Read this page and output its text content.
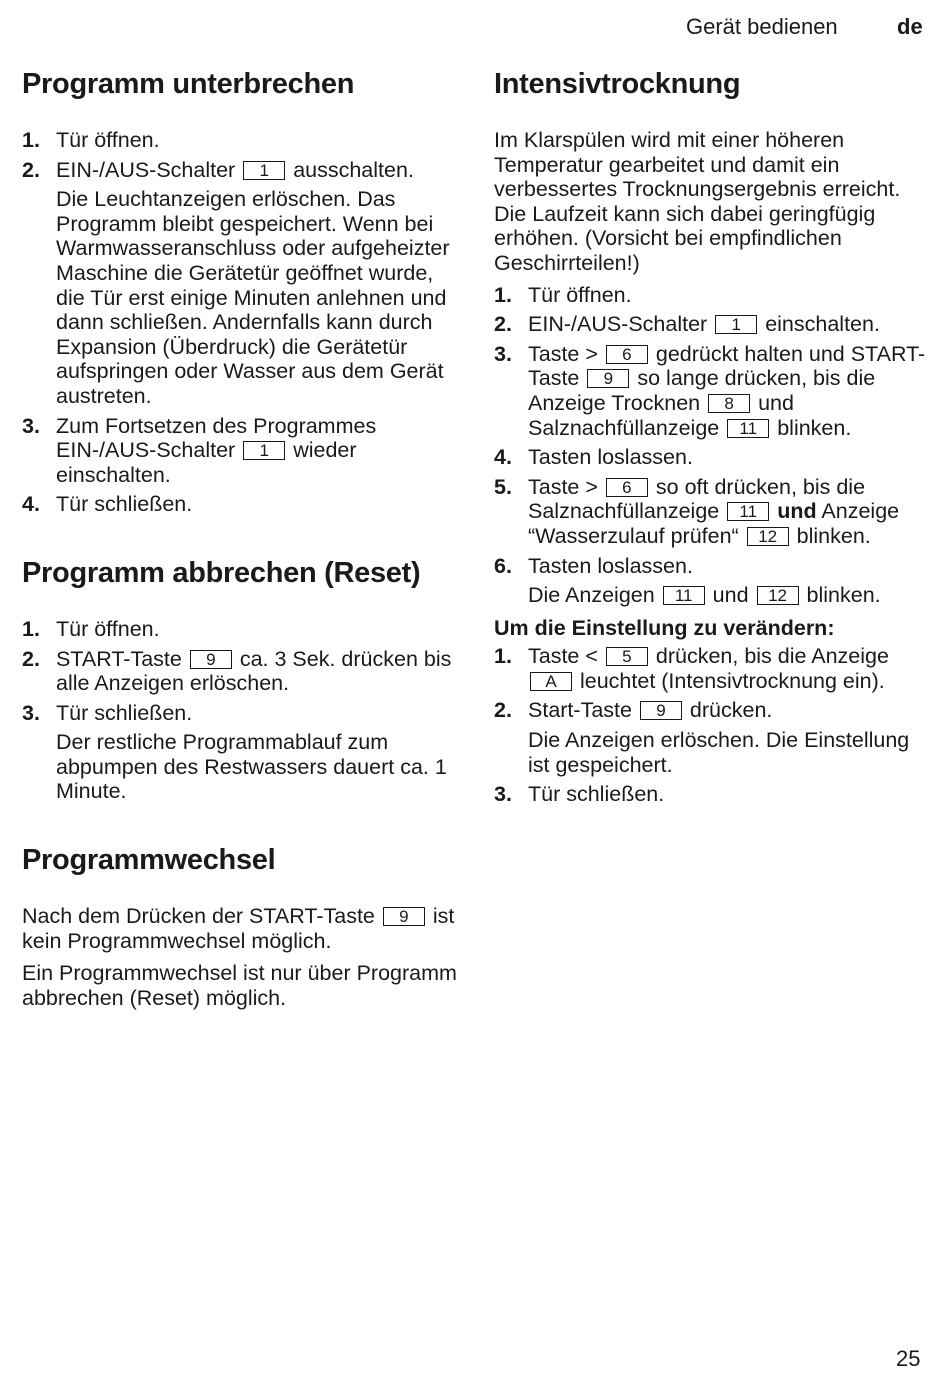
Gerät bedienen	de
Programm unterbrechen
1. Tür öffnen.
2. EIN-/AUS-Schalter 1 ausschalten.
Die Leuchtanzeigen erlöschen. Das Programm bleibt gespeichert. Wenn bei Warmwasseranschluss oder aufgeheizter Maschine die Gerätetür geöffnet wurde, die Tür erst einige Minuten anlehnen und dann schließen. Andernfalls kann durch Expansion (Überdruck) die Gerätetür aufspringen oder Wasser aus dem Gerät austreten.
3. Zum Fortsetzen des Programmes EIN-/AUS-Schalter 1 wieder einschalten.
4. Tür schließen.
Programm abbrechen (Reset)
1. Tür öffnen.
2. START-Taste 9 ca. 3 Sek. drücken bis alle Anzeigen erlöschen.
3. Tür schließen.
Der restliche Programmablauf zum abpumpen des Restwassers dauert ca. 1 Minute.
Programmwechsel

Nach dem Drücken der START-Taste 9 ist kein Programmwechsel möglich.

Ein Programmwechsel ist nur über Programm abbrechen (Reset) möglich.

Intensivtrocknung

Im Klarspülen wird mit einer höheren Temperatur gearbeitet und damit ein verbessertes Trocknungsergebnis erreicht. Die Laufzeit kann sich dabei geringfügig erhöhen. (Vorsicht bei empfindlichen Geschirrteilen!)

1. Tür öffnen.
2. EIN-/AUS-Schalter 1 einschalten.
3. Taste > 6 gedrückt halten und START-Taste 9 so lange drücken, bis die Anzeige Trocknen 8 und Salznachfüllanzeige 11 blinken.
4. Tasten loslassen.
5. Taste > 6 so oft drücken, bis die Salznachfüllanzeige 11 und Anzeige “Wasserzulauf prüfen“ 12 blinken.
6. Tasten loslassen.
Die Anzeigen 11 und 12 blinken.
Um die Einstellung zu verändern:
1. Taste < 5 drücken, bis die Anzeige A leuchtet (Intensivtrocknung ein).
2. Start-Taste 9 drücken.
Die Anzeigen erlöschen. Die Einstellung ist gespeichert.
3. Tür schließen.
25
